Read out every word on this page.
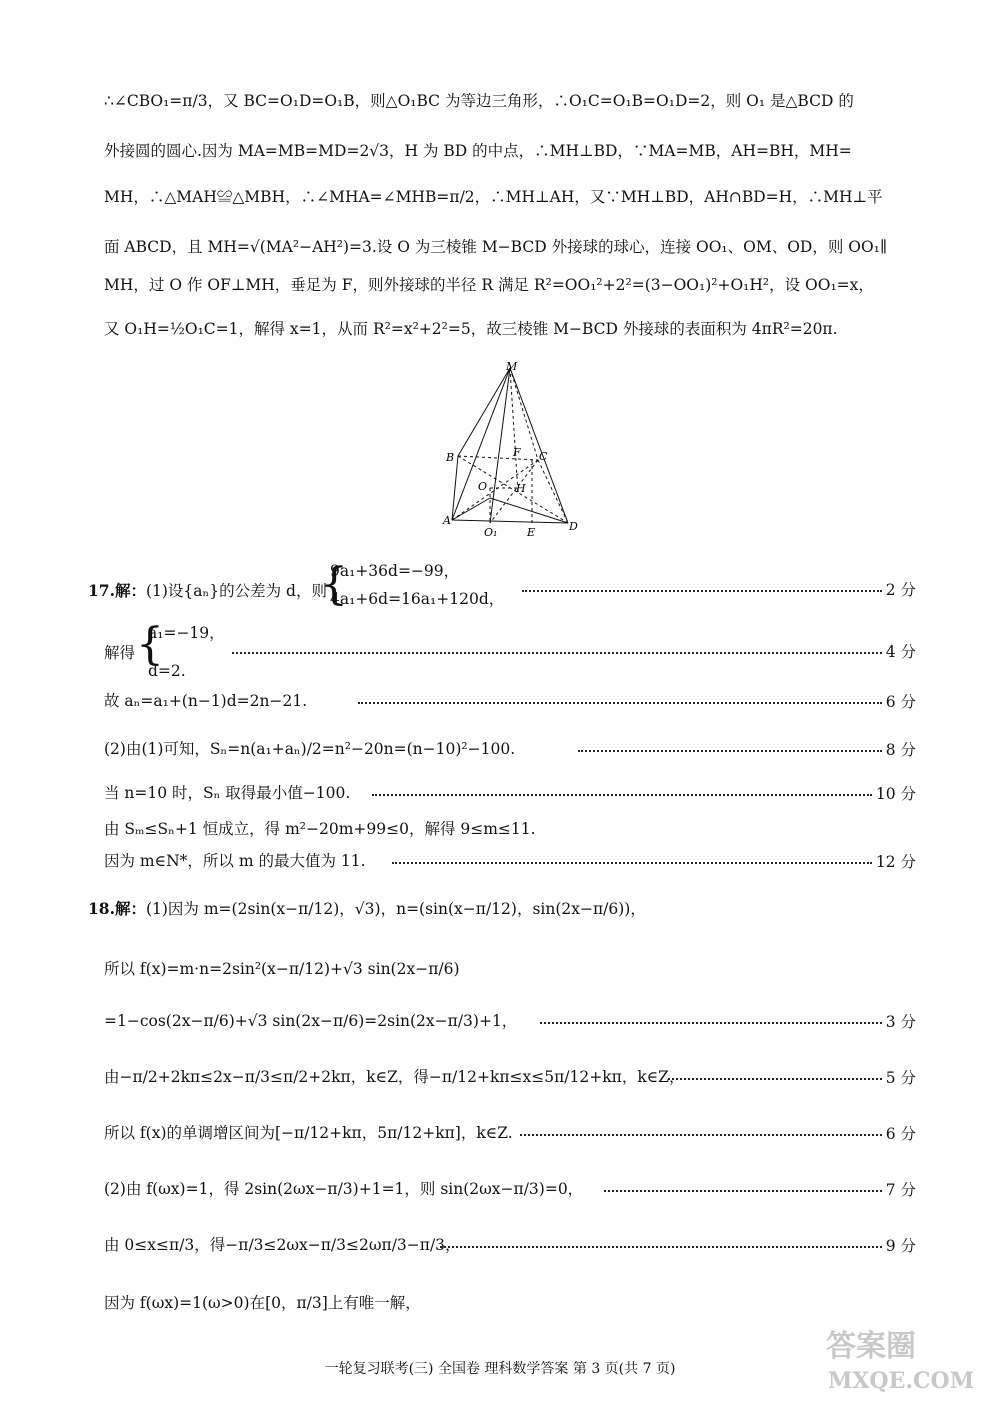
∴∠CBO₁=π/3，又 BC=O₁D=O₁B，则△O₁BC 为等边三角形，∴O₁C=O₁B=O₁D=2，则 O₁ 是△BCD 的
外接圆的圆心.因为 MA=MB=MD=2√3，H 为 BD 的中点，∴MH⊥BD，∵MA=MB，AH=BH，MH=
MH，∴△MAH≌△MBH，∴∠MHA=∠MHB=π/2，∴MH⊥AH，又∵MH⊥BD，AH∩BD=H，∴MH⊥平
面 ABCD，且 MH=√(MA²−AH²)=3.设 O 为三棱锥 M−BCD 外接球的球心，连接 OO₁、OM、OD，则 OO₁∥
MH，过 O 作 OF⊥MH，垂足为 F，则外接球的半径 R 满足 R²=OO₁²+2²=(3−OO₁)²+O₁H²，设 OO₁=x，
又 O₁H=½O₁C=1，解得 x=1，从而 R²=x²+2²=5，故三棱锥 M−BCD 外接球的表面积为 4πR²=20π.
M
B	F C
O	H
A
O₁	E	D
17.解：(1)设{aₙ}的公差为 d，则
{
9a₁+36d=−99，
4a₁+6d=16a₁+120d，	2 分
解得 {
a₁=−19，
d=2.
4 分
故 aₙ=a₁+(n−1)d=2n−21.	6 分
(2)由(1)可知，Sₙ=n(a₁+aₙ)/2=n²−20n=(n−10)²−100.	8 分
当 n=10 时，Sₙ 取得最小值−100.	10 分
由 Sₘ≤Sₙ+1 恒成立，得 m²−20m+99≤0，解得 9≤m≤11.
因为 m∈N*，所以 m 的最大值为 11.	12 分
18.解：(1)因为 m=(2sin(x−π/12)，√3)，n=(sin(x−π/12)，sin(2x−π/6))，
所以 f(x)=m·n=2sin²(x−π/12)+√3 sin(2x−π/6)
=1−cos(2x−π/6)+√3 sin(2x−π/6)=2sin(2x−π/3)+1，	3 分
由−π/2+2kπ≤2x−π/3≤π/2+2kπ，k∈Z，得−π/12+kπ≤x≤5π/12+kπ，k∈Z，	5 分
所以 f(x)的单调增区间为[−π/12+kπ，5π/12+kπ]，k∈Z.	6 分
(2)由 f(ωx)=1，得 2sin(2ωx−π/3)+1=1，则 sin(2ωx−π/3)=0，	7 分
由 0≤x≤π/3，得−π/3≤2ωx−π/3≤2ωπ/3−π/3，	9 分
因为 f(ωx)=1(ω>0)在[0，π/3]上有唯一解，
一轮复习联考(三) 全国卷 理科数学答案 第 3 页(共 7 页)
答案圈
MXQE.COM
